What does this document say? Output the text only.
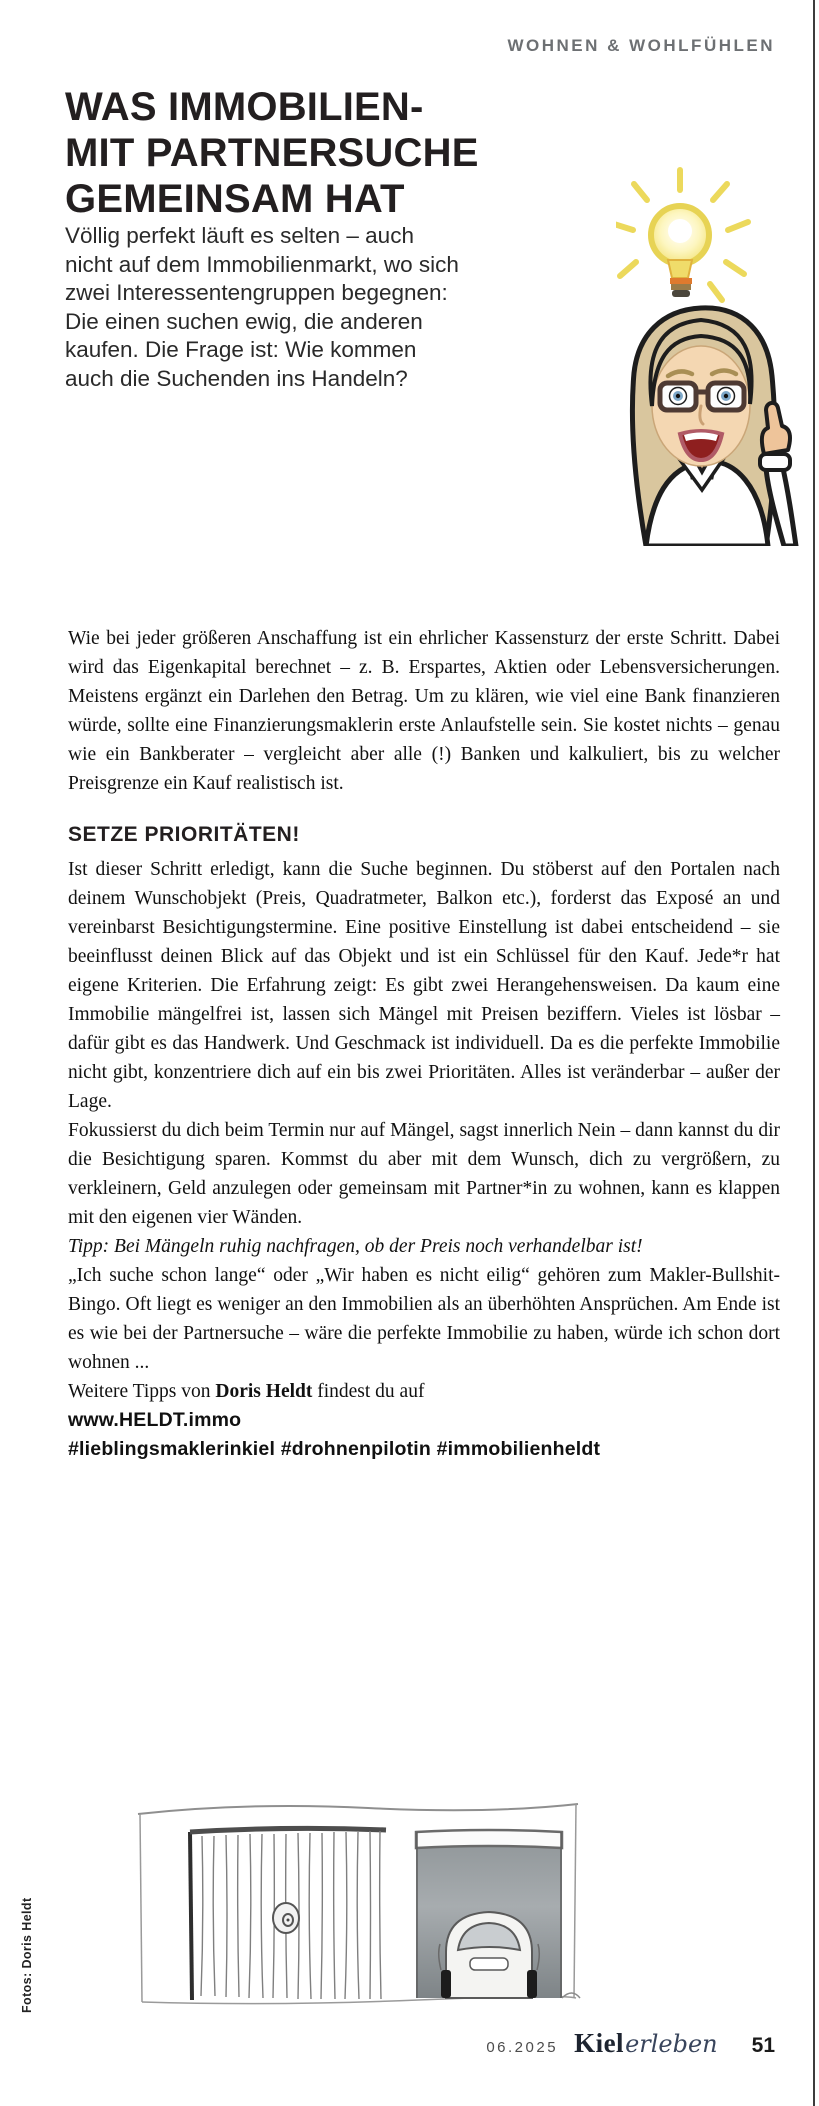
WOHNEN & WOHLFÜHLEN
WAS IMMOBILIEN-
MIT PARTNERSUCHE
GEMEINSAM HAT
Völlig perfekt läuft es selten – auch nicht auf dem Immobilienmarkt, wo sich zwei Interessentengruppen begegnen: Die einen suchen ewig, die anderen kaufen. Die Frage ist: Wie kommen auch die Suchenden ins Handeln?

Wie bei jeder größeren Anschaffung ist ein ehrlicher Kassensturz der erste Schritt. Dabei wird das Eigenkapital berechnet – z. B. Erspartes, Aktien oder Lebensversicherungen. Meistens ergänzt ein Darlehen den Betrag. Um zu klären, wie viel eine Bank finanzieren würde, sollte eine Finanzierungsmaklerin erste Anlaufstelle sein. Sie kostet nichts – genau wie ein Bankberater – vergleicht aber alle (!) Banken und kalkuliert, bis zu welcher Preisgrenze ein Kauf realistisch ist.

SETZE PRIORITÄTEN!

Ist dieser Schritt erledigt, kann die Suche beginnen. Du stöberst auf den Portalen nach deinem Wunschobjekt (Preis, Quadratmeter, Balkon etc.), forderst das Exposé an und vereinbarst Besichtigungstermine. Eine positive Einstellung ist dabei entscheidend – sie beeinflusst deinen Blick auf das Objekt und ist ein Schlüssel für den Kauf. Jede*r hat eigene Kriterien. Die Erfahrung zeigt: Es gibt zwei Herangehensweisen. Da kaum eine Immobilie mängelfrei ist, lassen sich Mängel mit Preisen beziffern. Vieles ist lösbar – dafür gibt es das Handwerk. Und Geschmack ist individuell. Da es die perfekte Immobilie nicht gibt, konzentriere dich auf ein bis zwei Prioritäten. Alles ist veränderbar – außer der Lage.

Fokussierst du dich beim Termin nur auf Mängel, sagst innerlich Nein – dann kannst du dir die Besichtigung sparen. Kommst du aber mit dem Wunsch, dich zu vergrößern, zu verkleinern, Geld anzulegen oder gemeinsam mit Partner*in zu wohnen, kann es klappen mit den eigenen vier Wänden.

Tipp: Bei Mängeln ruhig nachfragen, ob der Preis noch verhandelbar ist!

„Ich suche schon lange“ oder „Wir haben es nicht eilig“ gehören zum Makler-Bullshit-Bingo. Oft liegt es weniger an den Immobilien als an überhöhten Ansprüchen. Am Ende ist es wie bei der Partnersuche – wäre die perfekte Immobilie zu haben, würde ich schon dort wohnen ...

Weitere Tipps von Doris Heldt findest du auf

www.HELDT.immo

#lieblingsmaklerinkiel #drohnenpilotin #immobilienheldt

Fotos: Doris Heldt
06.2025 Kielerleben 51
